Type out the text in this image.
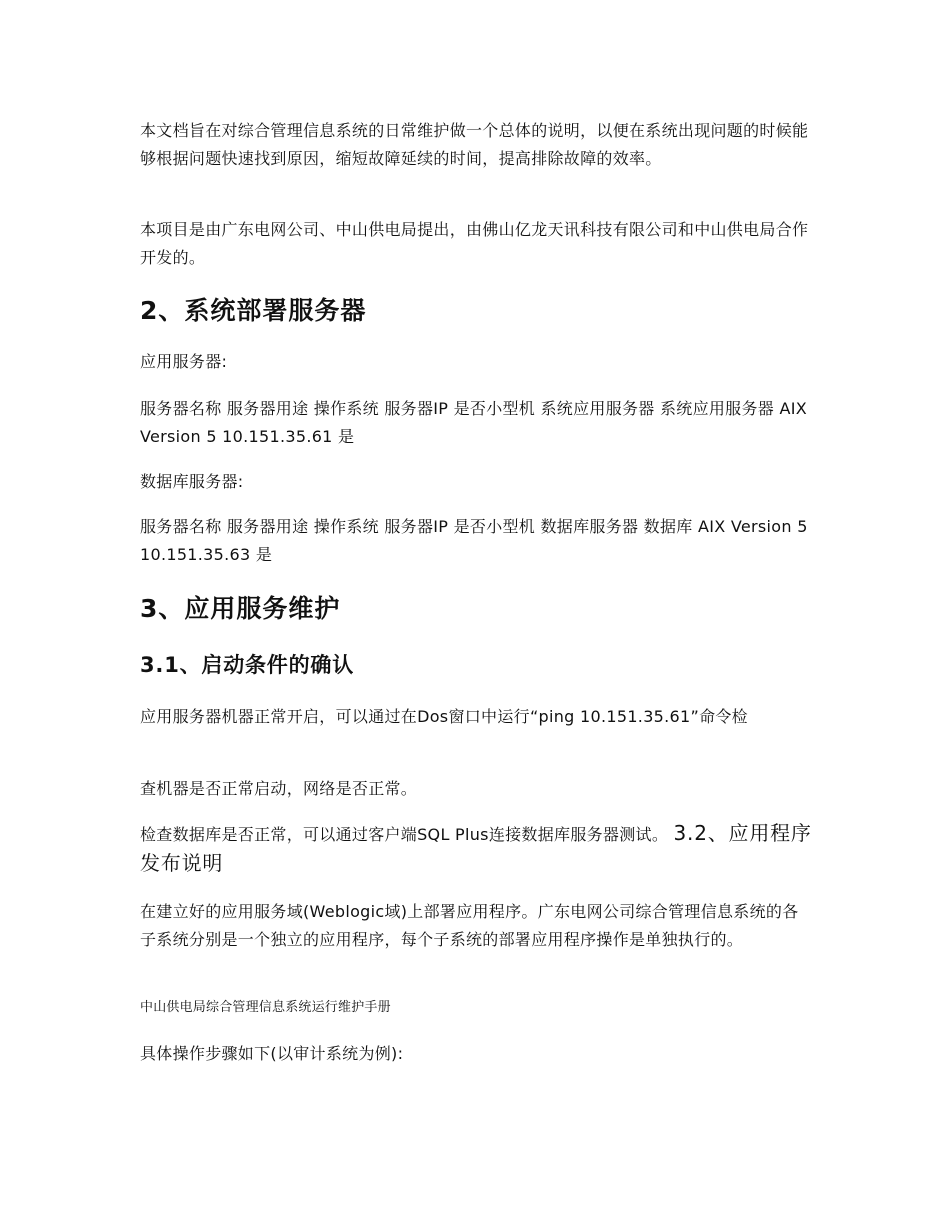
本文档旨在对综合管理信息系统的日常维护做一个总体的说明，以便在系统出现问题的时候能够根据问题快速找到原因，缩短故障延续的时间，提高排除故障的效率。

本项目是由广东电网公司、中山供电局提出，由佛山亿龙天讯科技有限公司和中山供电局合作开发的。

2、系统部署服务器

应用服务器:

服务器名称 服务器用途 操作系统 服务器IP 是否小型机 系统应用服务器 系统应用服务器 AIX Version 5 10.151.35.61 是

数据库服务器:

服务器名称 服务器用途 操作系统 服务器IP 是否小型机 数据库服务器 数据库 AIX Version 5 10.151.35.63 是

3、应用服务维护
3.1、启动条件的确认

应用服务器机器正常开启，可以通过在Dos窗口中运行“ping 10.151.35.61”命令检

查机器是否正常启动，网络是否正常。

检查数据库是否正常，可以通过客户端SQL Plus连接数据库服务器测试。 3.2、应用程序发布说明

在建立好的应用服务域(Weblogic域)上部署应用程序。广东电网公司综合管理信息系统的各子系统分别是一个独立的应用程序，每个子系统的部署应用程序操作是单独执行的。

中山供电局综合管理信息系统运行维护手册

具体操作步骤如下(以审计系统为例):
